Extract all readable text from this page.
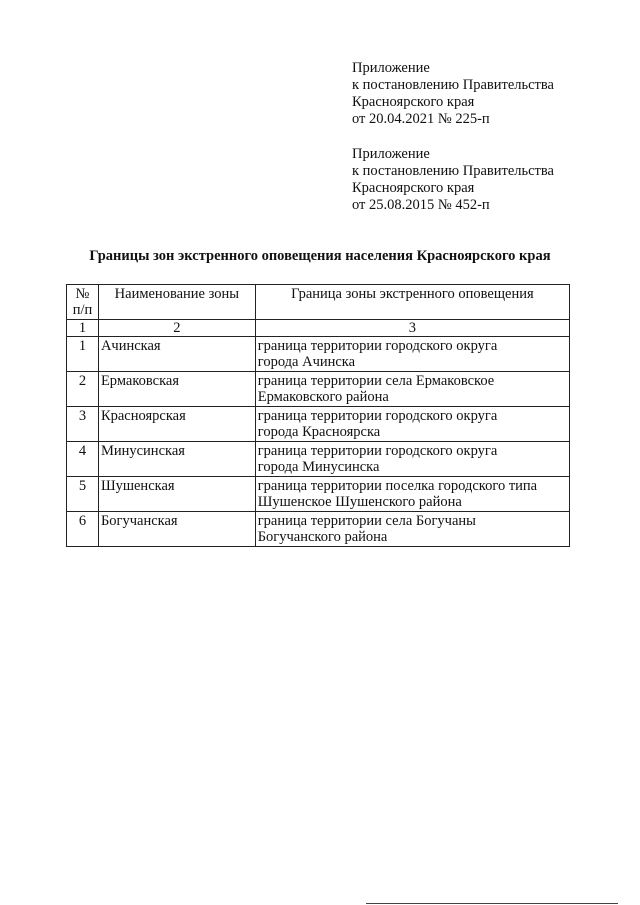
Приложение
к постановлению Правительства
Красноярского края
от 20.04.2021 № 225-п
Приложение
к постановлению Правительства
Красноярского края
от 25.08.2015 № 452-п
Границы зон экстренного оповещения населения Красноярского края
№
п/п	Наименование зоны	Граница зоны экстренного оповещения
1	2	3
1	Ачинская	граница территории городского округа
города Ачинска

2	Ермаковская	граница территории села Ермаковское
Ермаковского района

3	Красноярская	граница территории городского округа
города Красноярска

4	Минусинская	граница территории городского округа
города Минусинска

5	Шушенская	граница территории поселка городского типа
Шушенское Шушенского района

6	Богучанская	граница территории села Богучаны
Богучанского района
